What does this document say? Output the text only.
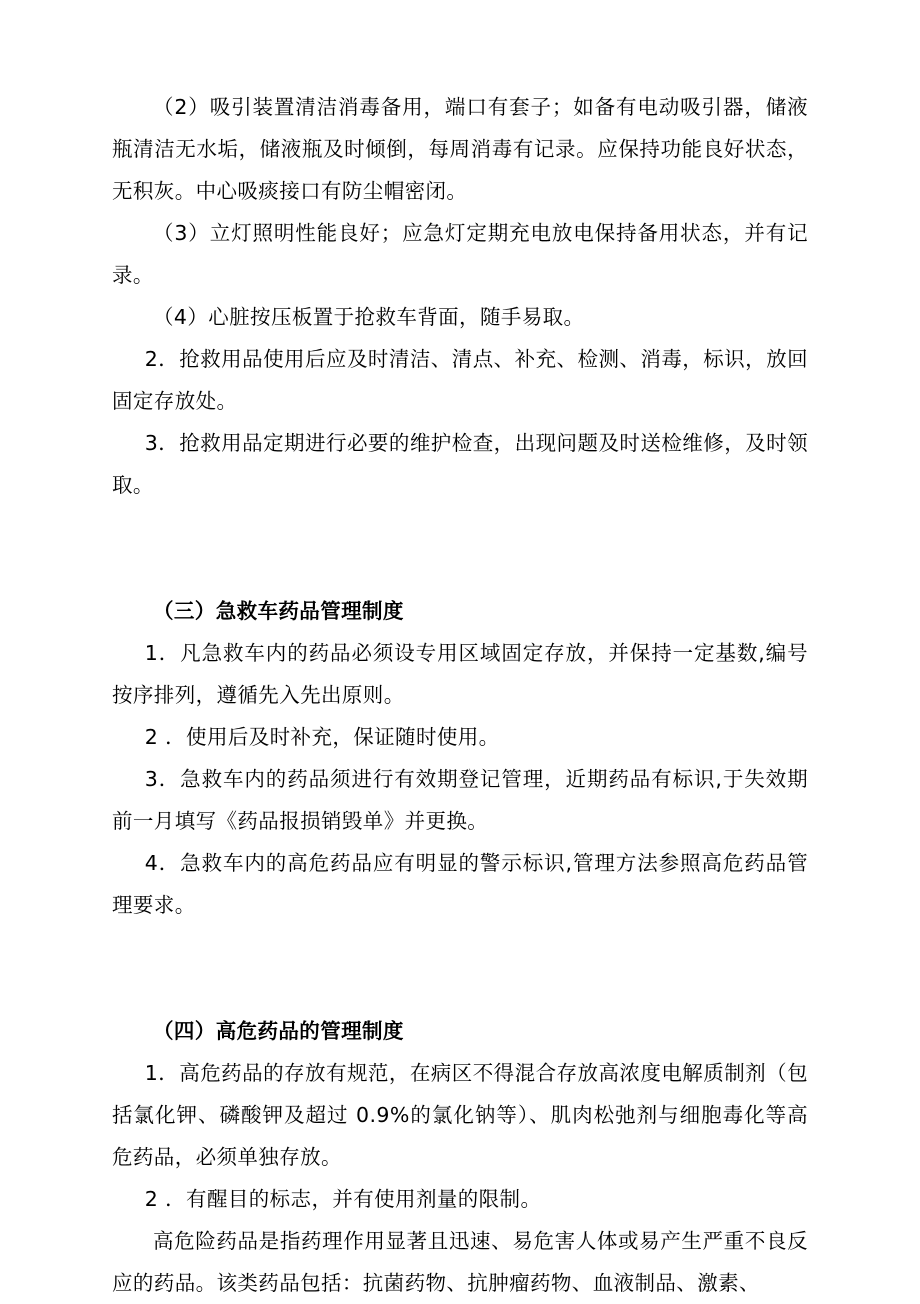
（2）吸引装置清洁消毒备用，端口有套子；如备有电动吸引器，储液瓶清洁无水垢，储液瓶及时倾倒，每周消毒有记录。应保持功能良好状态，无积灰。中心吸痰接口有防尘帽密闭。

（3）立灯照明性能良好；应急灯定期充电放电保持备用状态，并有记录。

（4）心脏按压板置于抢救车背面，随手易取。

2．抢救用品使用后应及时清洁、清点、补充、检测、消毒，标识，放回固定存放处。

3．抢救用品定期进行必要的维护检查，出现问题及时送检维修，及时领取。

（三）急救车药品管理制度

1．凡急救车内的药品必须设专用区域固定存放，并保持一定基数,编号按序排列，遵循先入先出原则。

2 ．使用后及时补充，保证随时使用。

3．急救车内的药品须进行有效期登记管理，近期药品有标识,于失效期前一月填写《药品报损销毁单》并更换。

4．急救车内的高危药品应有明显的警示标识,管理方法参照高危药品管理要求。

（四）高危药品的管理制度

1．高危药品的存放有规范，在病区不得混合存放高浓度电解质制剂（包括氯化钾、磷酸钾及超过 0.9%的氯化钠等）、肌肉松弛剂与细胞毒化等高危药品，必须单独存放。

2 ．有醒目的标志，并有使用剂量的限制。

高危险药品是指药理作用显著且迅速、易危害人体或易产生严重不良反应的药品。该类药品包括：抗菌药物、抗肿瘤药物、血液制品、激素、
